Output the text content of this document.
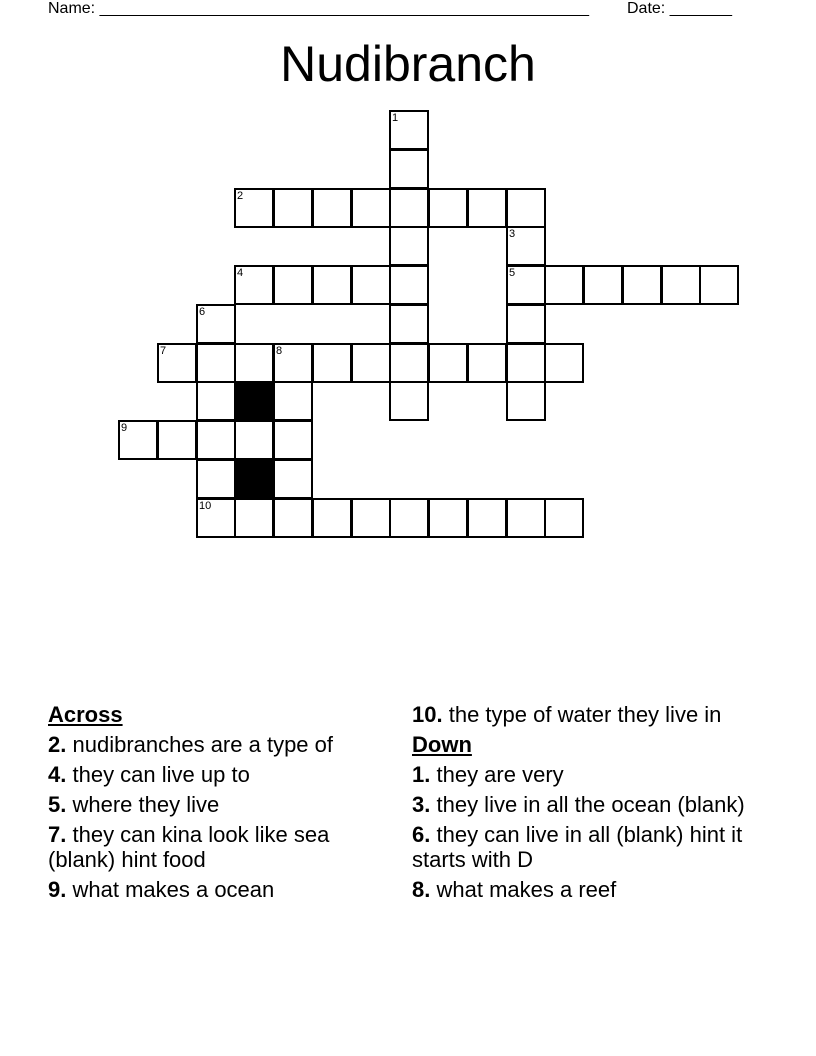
Name: _______________________________________________________ Date: _______
Nudibranch
1
2
3
4	5
6
7	8
9
10
Across
2. nudibranches are a type of
4. they can live up to
5. where they live
7. they can kina look like sea (blank) hint food
9. what makes a ocean
10. the type of water they live in
Down
1. they are very
3. they live in all the ocean (blank)
6. they can live in all (blank) hint it starts with D
8. what makes a reef
